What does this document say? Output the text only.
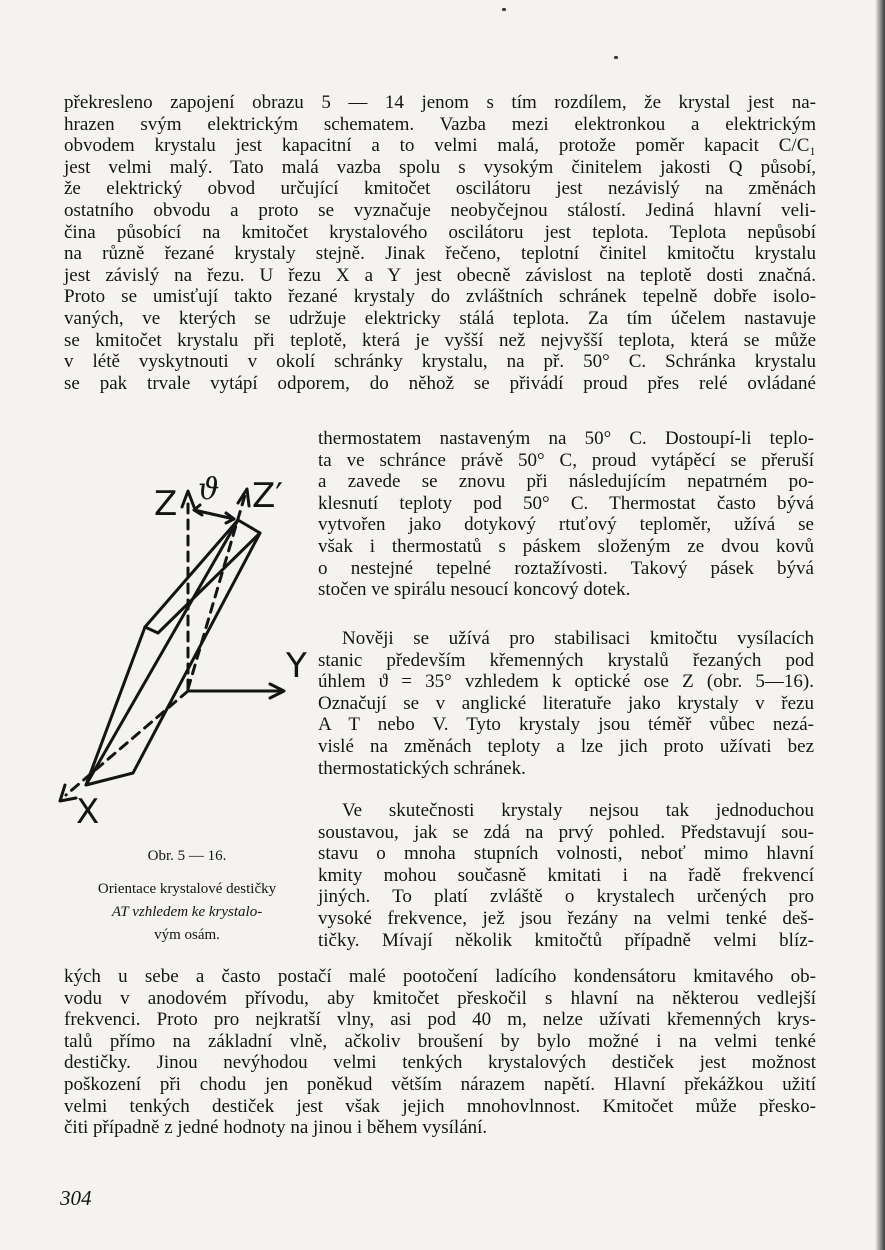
překresleno zapojení obrazu 5 — 14 jenom s tím rozdílem, že krystal jest na-
hrazen svým elektrickým schematem. Vazba mezi elektronkou a elektrickým
obvodem krystalu jest kapacitní a to velmi malá, protože poměr kapacit C/C₁
jest velmi malý. Tato malá vazba spolu s vysokým činitelem jakosti Q působí,
že elektrický obvod určující kmitočet oscilátoru jest nezávislý na změnách
ostatního obvodu a proto se vyznačuje neobyčejnou stálostí. Jediná hlavní veli-
čina působící na kmitočet krystalového oscilátoru jest teplota. Teplota nepůsobí
na různě řezané krystaly stejně. Jinak řečeno, teplotní činitel kmitočtu krystalu
jest závislý na řezu. U řezu X a Y jest obecně závislost na teplotě dosti značná.
Proto se umisťují takto řezané krystaly do zvláštních schránek tepelně dobře isolo-
vaných, ve kterých se udržuje elektricky stálá teplota. Za tím účelem nastavuje
se kmitočet krystalu při teplotě, která je vyšší než nejvyšší teplota, která se může
v létě vyskytnouti v okolí schránky krystalu, na př. 50° C. Schránka krystalu
se pak trvale vytápí odporem, do něhož se přivádí proud přes relé ovládané
thermostatem nastaveným na 50° C. Dostoupí-li teplo-
ta ve schránce právě 50° C, proud vytápěcí se přeruší
a zavede se znovu při následujícím nepatrném po-
klesnutí teploty pod 50° C. Thermostat často bývá
vytvořen jako dotykový rtuťový teploměr, užívá se
však i thermostatů s páskem složeným ze dvou kovů
o nestejné tepelné roztažívosti. Takový pásek bývá
stočen ve spirálu nesoucí koncový dotek.
Nověji se užívá pro stabilisaci kmitočtu vysílacích
stanic především křemenných krystalů řezaných pod
úhlem ϑ = 35° vzhledem k optické ose Z (obr. 5—16).
Označují se v anglické literatuře jako krystaly v řezu
A T nebo V. Tyto krystaly jsou téměř vůbec nezá-
vislé na změnách teploty a lze jich proto užívati bez
thermostatických schránek.
Ve skutečnosti krystaly nejsou tak jednoduchou
soustavou, jak se zdá na prvý pohled. Představují sou-
stavu o mnoha stupních volnosti, neboť mimo hlavní
kmity mohou současně kmitati i na řadě frekvencí
jiných. To platí zvláště o krystalech určených pro
vysoké frekvence, jež jsou řezány na velmi tenké deš-
tičky. Mívají několik kmitočtů případně velmi blíz-
kých u sebe a často postačí malé pootočení ladícího kondensátoru kmitavého ob-
vodu v anodovém přívodu, aby kmitočet přeskočil s hlavní na některou vedlejší
frekvenci. Proto pro nejkratší vlny, asi pod 40 m, nelze užívati křemenných krys-
talů přímo na základní vlně, ačkoliv broušení by bylo možné i na velmi tenké
destičky. Jinou nevýhodou velmi tenkých krystalových destiček jest možnost
poškození při chodu jen poněkud větším nárazem napětí. Hlavní překážkou užití
velmi tenkých destiček jest však jejich mnohovlnnost. Kmitočet může přesko-
čiti případně z jedné hodnoty na jinou i během vysílání.
Z ϑ Z′
Y
X
Obr. 5 — 16.
Orientace krystalové destičky
AT vzhledem ke krystalo-
vým osám.
304
